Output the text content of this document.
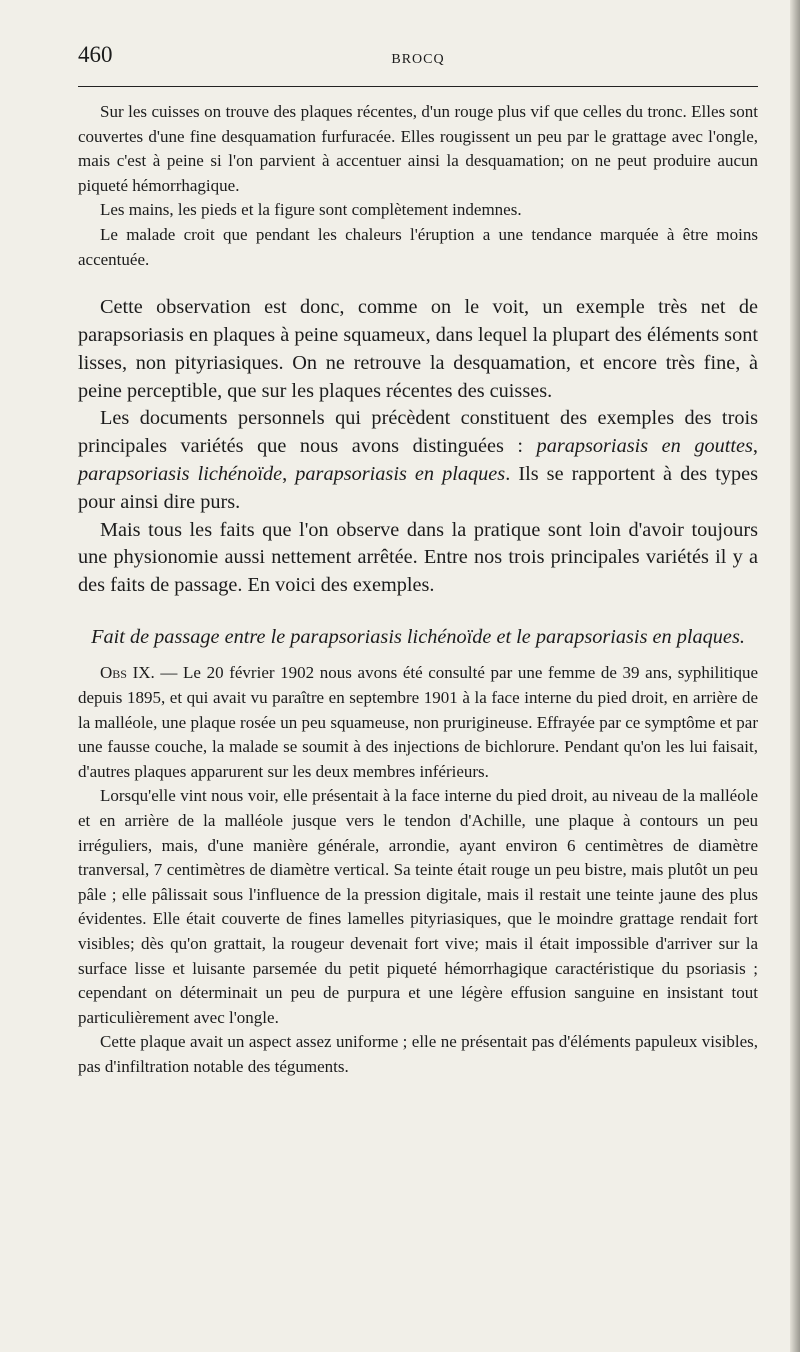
460	BROCQ

Sur les cuisses on trouve des plaques récentes, d'un rouge plus vif que celles du tronc. Elles sont couvertes d'une fine desquamation furfuracée. Elles rougissent un peu par le grattage avec l'ongle, mais c'est à peine si l'on parvient à accentuer ainsi la desquamation; on ne peut produire aucun piqueté hémorrhagique.

Les mains, les pieds et la figure sont complètement indemnes.

Le malade croit que pendant les chaleurs l'éruption a une tendance marquée à être moins accentuée.

Cette observation est donc, comme on le voit, un exemple très net de parapsoriasis en plaques à peine squameux, dans lequel la plupart des éléments sont lisses, non pityriasiques. On ne retrouve la desquamation, et encore très fine, à peine perceptible, que sur les plaques récentes des cuisses.

Les documents personnels qui précèdent constituent des exemples des trois principales variétés que nous avons distinguées : parapsoriasis en gouttes, parapsoriasis lichénoïde, parapsoriasis en plaques. Ils se rapportent à des types pour ainsi dire purs.

Mais tous les faits que l'on observe dans la pratique sont loin d'avoir toujours une physionomie aussi nettement arrêtée. Entre nos trois principales variétés il y a des faits de passage. En voici des exemples.

Fait de passage entre le parapsoriasis lichénoïde et le parapsoriasis en plaques.

Obs IX. — Le 20 février 1902 nous avons été consulté par une femme de 39 ans, syphilitique depuis 1895, et qui avait vu paraître en septembre 1901 à la face interne du pied droit, en arrière de la malléole, une plaque rosée un peu squameuse, non prurigineuse. Effrayée par ce symptôme et par une fausse couche, la malade se soumit à des injections de bichlorure. Pendant qu'on les lui faisait, d'autres plaques apparurent sur les deux membres inférieurs.

Lorsqu'elle vint nous voir, elle présentait à la face interne du pied droit, au niveau de la malléole et en arrière de la malléole jusque vers le tendon d'Achille, une plaque à contours un peu irréguliers, mais, d'une manière générale, arrondie, ayant environ 6 centimètres de diamètre tranversal, 7 centimètres de diamètre vertical. Sa teinte était rouge un peu bistre, mais plutôt un peu pâle ; elle pâlissait sous l'influence de la pression digitale, mais il restait une teinte jaune des plus évidentes. Elle était couverte de fines lamelles pityriasiques, que le moindre grattage rendait fort visibles; dès qu'on grattait, la rougeur devenait fort vive; mais il était impossible d'arriver sur la surface lisse et luisante parsemée du petit piqueté hémorrhagique caractéristique du psoriasis ; cependant on déterminait un peu de purpura et une légère effusion sanguine en insistant tout particulièrement avec l'ongle.

Cette plaque avait un aspect assez uniforme ; elle ne présentait pas d'éléments papuleux visibles, pas d'infiltration notable des téguments.
